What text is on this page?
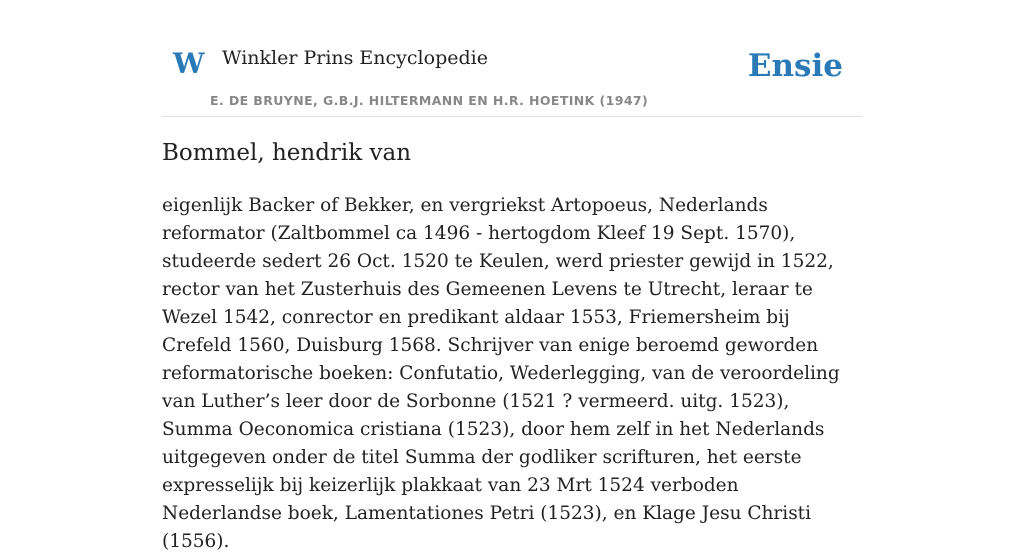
W Winkler Prins Encyclopedie
E. DE BRUYNE, G.B.J. HILTERMANN EN H.R. HOETINK (1947)
Ensie
Bommel, hendrik van

eigenlijk Backer of Bekker, en vergriekst Artopoeus, Nederlands reformator (Zaltbommel ca 1496 - hertogdom Kleef 19 Sept. 1570), studeerde sedert 26 Oct. 1520 te Keulen, werd priester gewijd in 1522, rector van het Zusterhuis des Gemeenen Levens te Utrecht, leraar te Wezel 1542, conrector en predikant aldaar 1553, Friemersheim bij Crefeld 1560, Duisburg 1568. Schrijver van enige beroemd geworden reformatorische boeken: Confutatio, Wederlegging, van de veroordeling van Luther’s leer door de Sorbonne (1521 ? vermeerd. uitg. 1523), Summa Oeconomica cristiana (1523), door hem zelf in het Nederlands uitgegeven onder de titel Summa der godliker scrifturen, het eerste expresselijk bij keizerlijk plakkaat van 23 Mrt 1524 verboden Nederlandse boek, Lamentationes Petri (1523), en Klage Jesu Christi (1556).
